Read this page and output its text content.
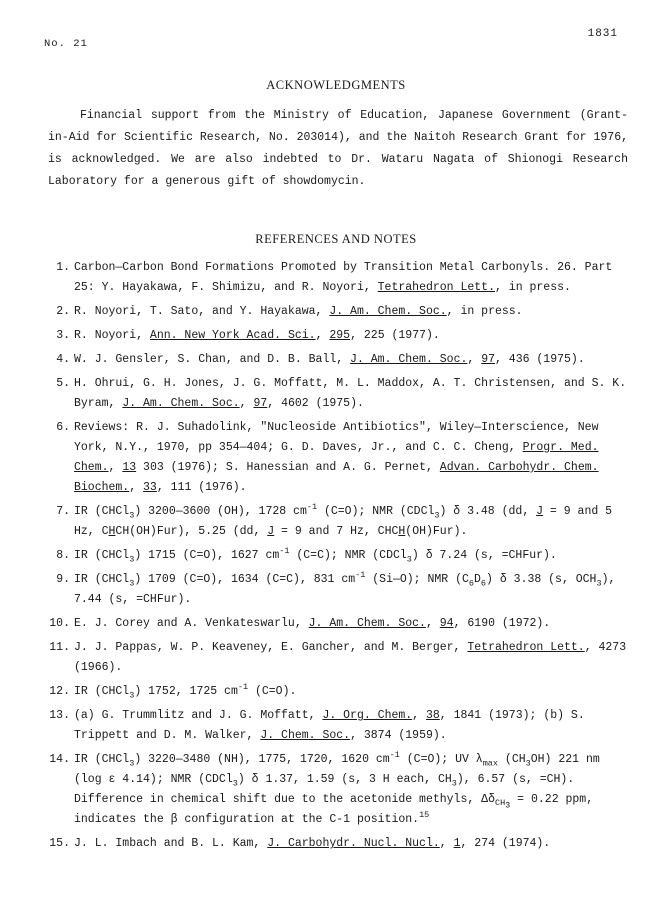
No. 21
1831
ACKNOWLEDGMENTS
Financial support from the Ministry of Education, Japanese Government (Grant-in-Aid for Scientific Research, No. 203014), and the Naitoh Research Grant for 1976, is acknowledged. We are also indebted to Dr. Wataru Nagata of Shionogi Research Laboratory for a generous gift of showdomycin.
REFERENCES AND NOTES
1. Carbon—Carbon Bond Formations Promoted by Transition Metal Carbonyls. 26. Part 25: Y. Hayakawa, F. Shimizu, and R. Noyori, Tetrahedron Lett., in press.
2. R. Noyori, T. Sato, and Y. Hayakawa, J. Am. Chem. Soc., in press.
3. R. Noyori, Ann. New York Acad. Sci., 295, 225 (1977).
4. W. J. Gensler, S. Chan, and D. B. Ball, J. Am. Chem. Soc., 97, 436 (1975).
5. H. Ohrui, G. H. Jones, J. G. Moffatt, M. L. Maddox, A. T. Christensen, and S. K. Byram, J. Am. Chem. Soc., 97, 4602 (1975).
6. Reviews: R. J. Suhadolink, "Nucleoside Antibiotics", Wiley—Interscience, New York, N.Y., 1970, pp 354—404; G. D. Daves, Jr., and C. C. Cheng, Progr. Med. Chem., 13 303 (1976); S. Hanessian and A. G. Pernet, Advan. Carbohydr. Chem. Biochem., 33, 111 (1976).
7. IR (CHCl$_3$) 3200—3600 (OH), 1728 $cm^{-1}$ (C=O); NMR (CDCl$_3$) δ 3.48 (dd, J = 9 and 5 Hz, CHCH(OH)Fur), 5.25 (dd, J = 9 and 7 Hz, CHCH(OH)Fur).
8. IR (CHCl$_3$) 1715 (C=O), 1627 $cm^{-1}$ (C=C); NMR (CDCl$_3$) δ 7.24 (s, =CHFur).
9. IR (CHCl$_3$) 1709 (C=O), 1634 (C=C), 831 $cm^{-1}$ (Si—O); NMR $(C_6D_6)$ δ 3.38 (s, $OCH_3$), 7.44 (s, =CHFur).
10. E. J. Corey and A. Venkateswarlu, J. Am. Chem. Soc., 94, 6190 (1972).
11. J. J. Pappas, W. P. Keaveney, E. Gancher, and M. Berger, Tetrahedron Lett., 4273 (1966).
12. IR (CHCl$_3$) 1752, 1725 $cm^{-1}$ (C=O).
13. (a) G. Trummlitz and J. G. Moffatt, J. Org. Chem., 38, 1841 (1973); (b) S. Trippett and D. M. Walker, J. Chem. Soc., 3874 (1959).
14. IR (CHCl$_3$) 3220—3480 (NH), 1775, 1720, 1620 $cm^{-1}$ (C=O); UV $\lambda_{max}$ $(CH_3OH)$ 221 nm (log ε 4.14); NMR (CDCl$_3$) δ 1.37, 1.59 (s, 3 H each, $CH_3$), 6.57 (s, =CH). Difference in chemical shift due to the acetonide methyls, $\Delta\delta_{CH_3} = 0.22$ ppm, indicates the β configuration at the C-1 position.$^{15}$
15. J. L. Imbach and B. L. Kam, J. Carbohydr. Nucl. Nucl., 1, 274 (1974).
